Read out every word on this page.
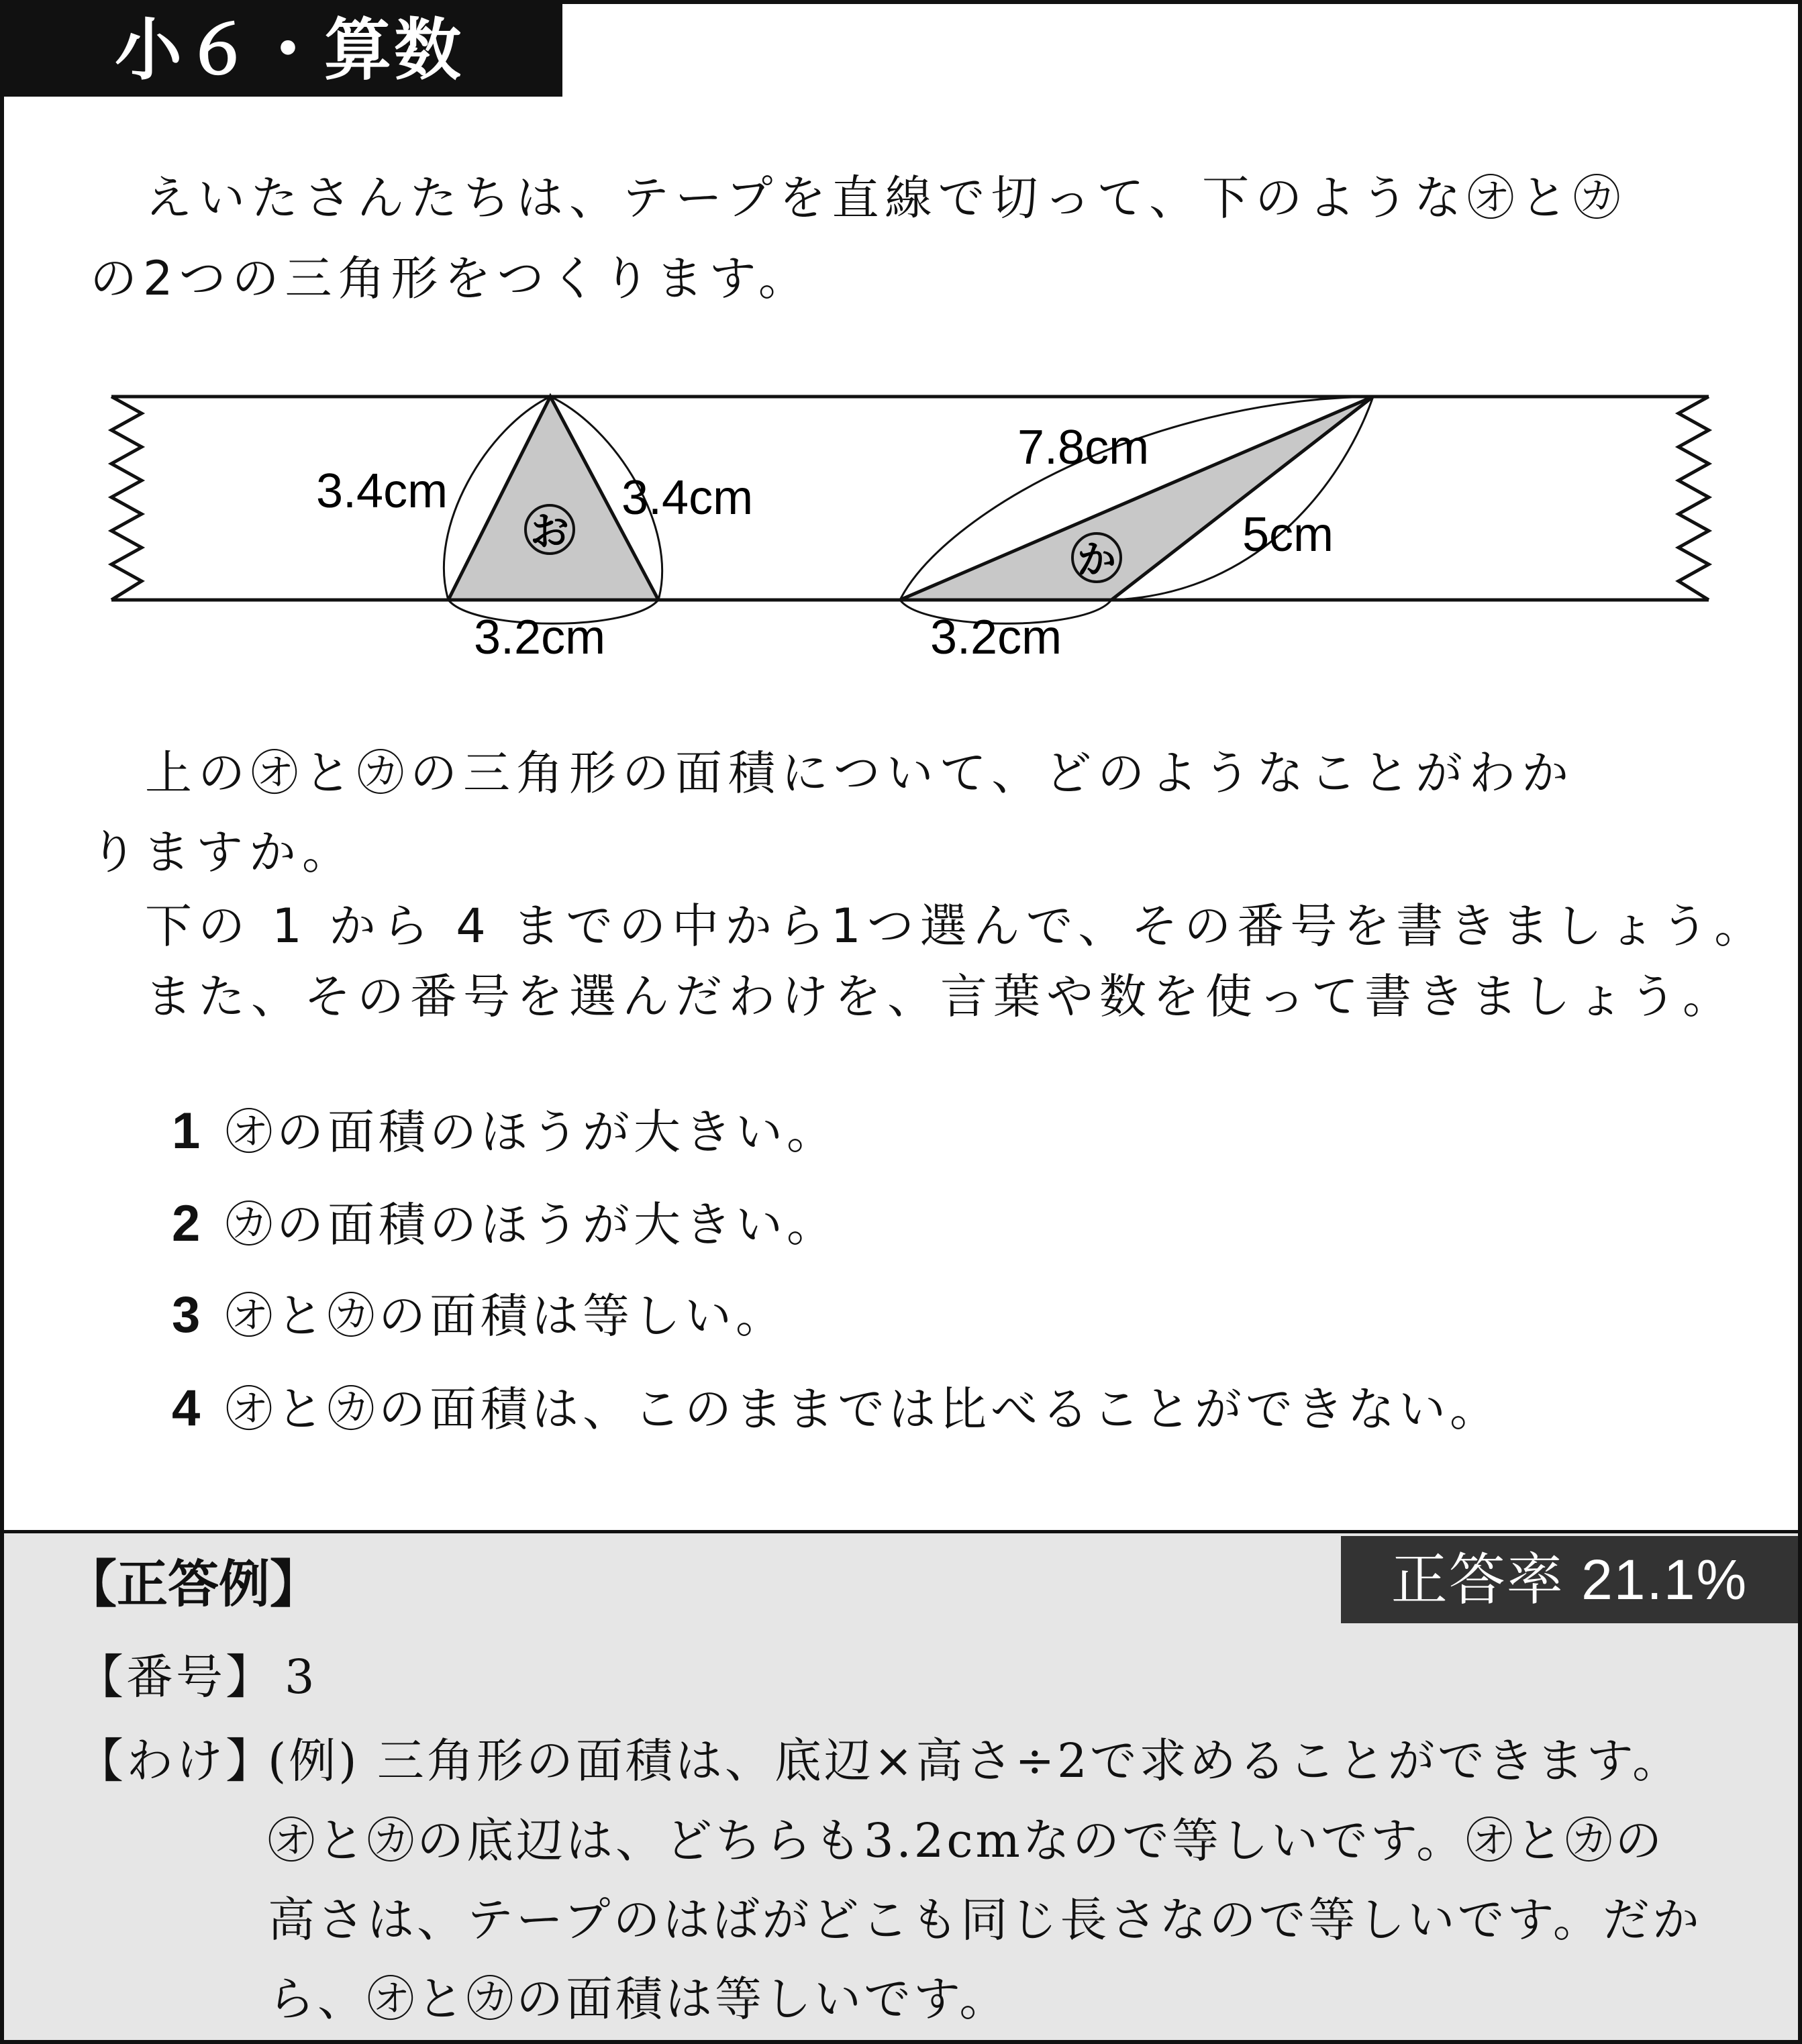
小６・算数
えいたさんたちは、テープを直線で切って、下のような㋔と㋕
の2つの三角形をつくります。
お
3.4cm	3.4cm
3.2cm
か
7.8cm
5cm
3.2cm
上の㋔と㋕の三角形の面積について、どのようなことがわか
りますか。
下の 1 から 4 までの中から1つ選んで、その番号を書きましょう。
また、その番号を選んだわけを、言葉や数を使って書きましょう。
1 ㋔の面積のほうが大きい。
2 ㋕の面積のほうが大きい。
3 ㋔と㋕の面積は等しい。
4 ㋔と㋕の面積は、このままでは比べることができない。
【正答例】	正答率 21.1%
【番号】 3
【わけ】
(例) 三角形の面積は、底辺×高さ÷2で求めることができます。
㋔と㋕の底辺は、どちらも3.2cmなので等しいです。㋔と㋕の
高さは、テープのはばがどこも同じ長さなので等しいです。だか
ら、㋔と㋕の面積は等しいです。
